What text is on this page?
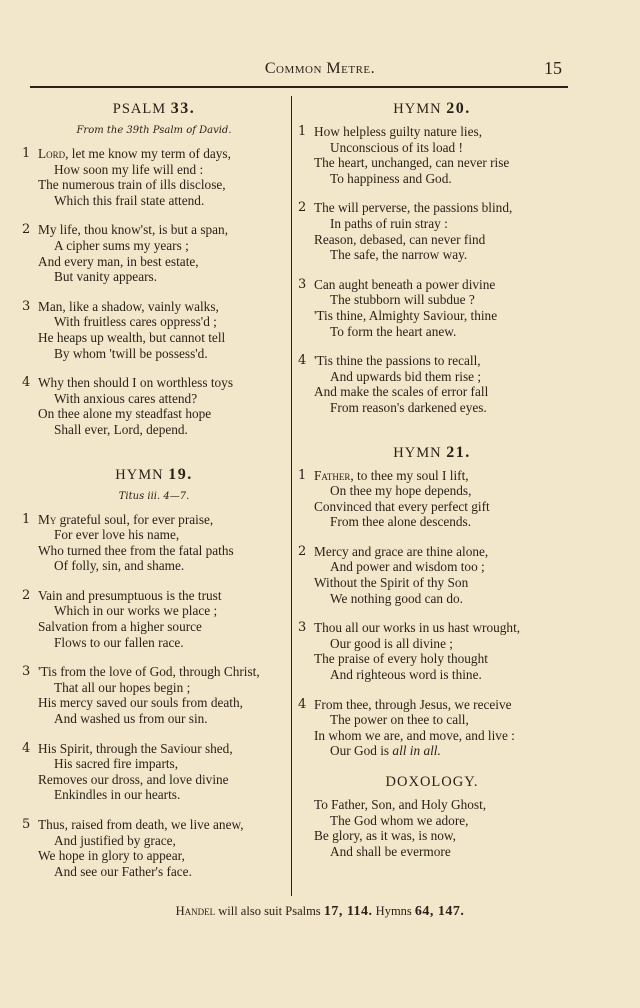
Common Metre.	15
PSALM 33.
From the 39th Psalm of David.
1 Lord, let me know my term of days,
How soon my life will end :
The numerous train of ills disclose,
Which this frail state attend.
2 My life, thou know'st, is but a span,
A cipher sums my years ;
And every man, in best estate,
But vanity appears.
3 Man, like a shadow, vainly walks,
With fruitless cares oppress'd ;
He heaps up wealth, but cannot tell
By whom 'twill be possess'd.
4 Why then should I on worthless toys
With anxious cares attend?
On thee alone my steadfast hope
Shall ever, Lord, depend.
HYMN 19.
Titus iii. 4—7.
1 My grateful soul, for ever praise,
For ever love his name,
Who turned thee from the fatal paths
Of folly, sin, and shame.
2 Vain and presumptuous is the trust
Which in our works we place ;
Salvation from a higher source
Flows to our fallen race.
3 'Tis from the love of God, through Christ,
That all our hopes begin ;
His mercy saved our souls from death,
And washed us from our sin.
4 His Spirit, through the Saviour shed,
His sacred fire imparts,
Removes our dross, and love divine
Enkindles in our hearts.
5 Thus, raised from death, we live anew,
And justified by grace,
We hope in glory to appear,
And see our Father's face.
HYMN 20.
1 How helpless guilty nature lies,
Unconscious of its load !
The heart, unchanged, can never rise
To happiness and God.
2 The will perverse, the passions blind,
In paths of ruin stray :
Reason, debased, can never find
The safe, the narrow way.
3 Can aught beneath a power divine
The stubborn will subdue ?
'Tis thine, Almighty Saviour, thine
To form the heart anew.
4 'Tis thine the passions to recall,
And upwards bid them rise ;
And make the scales of error fall
From reason's darkened eyes.
HYMN 21.
1 Father, to thee my soul I lift,
On thee my hope depends,
Convinced that every perfect gift
From thee alone descends.
2 Mercy and grace are thine alone,
And power and wisdom too ;
Without the Spirit of thy Son
We nothing good can do.
3 Thou all our works in us hast wrought,
Our good is all divine ;
The praise of every holy thought
And righteous word is thine.
4 From thee, through Jesus, we receive
The power on thee to call,
In whom we are, and move, and live :
Our God is all in all.
DOXOLOGY.
To Father, Son, and Holy Ghost,
The God whom we adore,
Be glory, as it was, is now,
And shall be evermore
Handel will also suit Psalms 17, 114. Hymns 64, 147.
